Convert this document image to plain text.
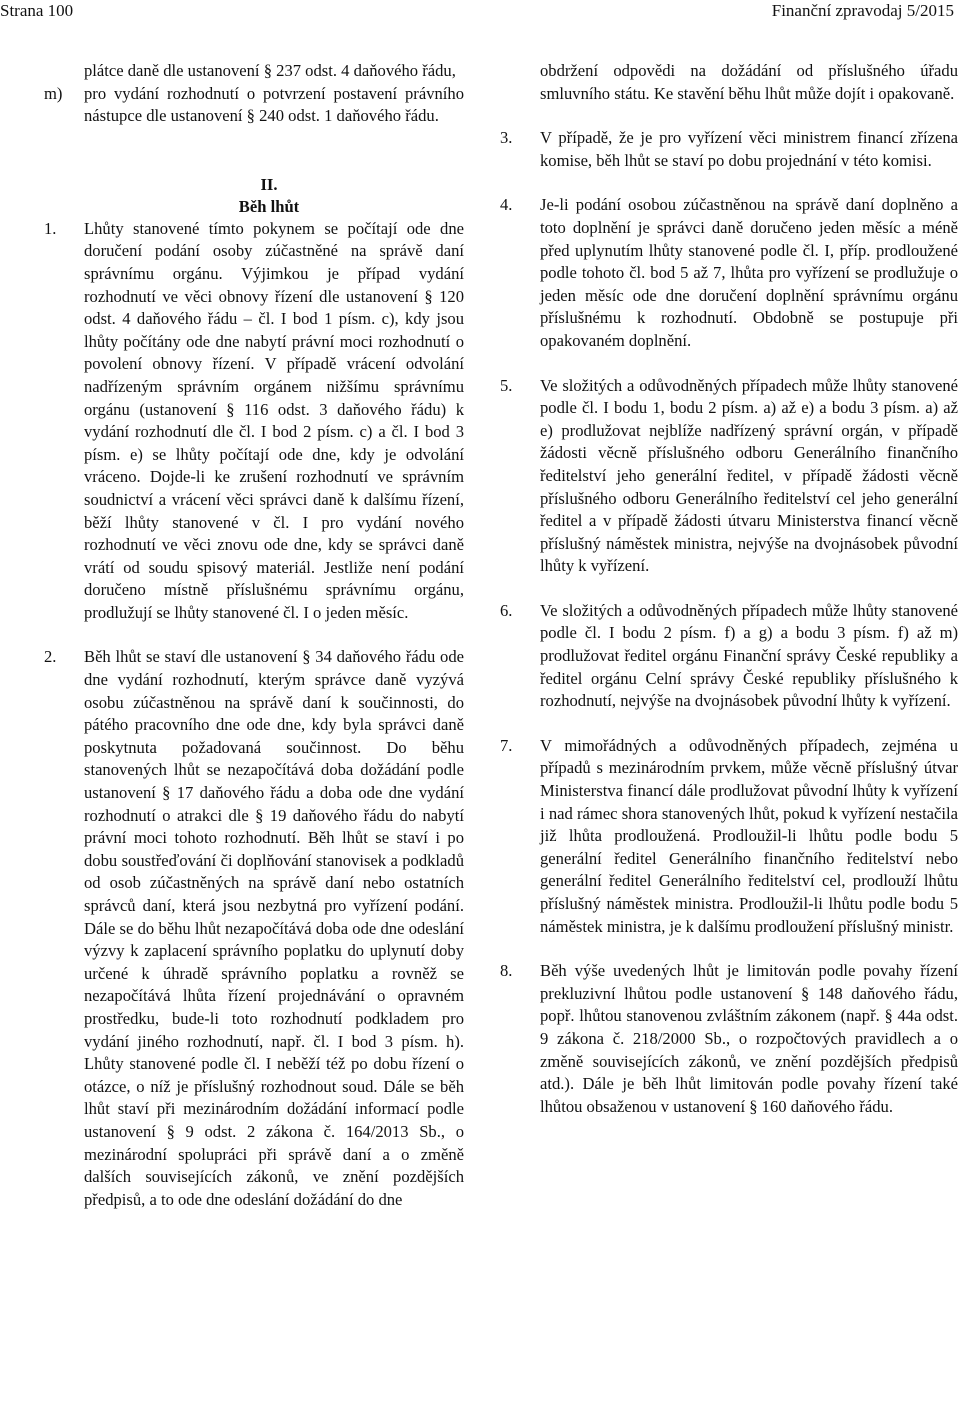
Strana 100	Finanční zpravodaj 5/2015

plátce daně dle ustanovení § 237 odst. 4 daňového řádu,

m) pro vydání rozhodnutí o potvrzení postavení právního nástupce dle ustanovení § 240 odst. 1 daňového řádu.
II.
Běh lhůt
1. Lhůty stanovené tímto pokynem se počítají ode dne doručení podání osoby zúčastněné na správě daní správnímu orgánu. Výjimkou je případ vydání rozhodnutí ve věci obnovy řízení dle ustanovení § 120 odst. 4 daňového řádu – čl. I bod 1 písm. c), kdy jsou lhůty počítány ode dne nabytí právní moci rozhodnutí o povolení obnovy řízení. V případě vrácení odvolání nadřízeným správním orgánem nižšímu správnímu orgánu (ustanovení § 116 odst. 3 daňového řádu) k vydání rozhodnutí dle čl. I bod 2 písm. c) a čl. I bod 3 písm. e) se lhůty počítají ode dne, kdy je odvolání vráceno. Dojde-li ke zrušení rozhodnutí ve správním soudnictví a vrácení věci správci daně k dalšímu řízení, běží lhůty stanovené v čl. I pro vydání nového rozhodnutí ve věci znovu ode dne, kdy se správci daně vrátí od soudu spisový materiál. Jestliže není podání doručeno místně příslušnému správnímu orgánu, prodlužují se lhůty stanovené čl. I o jeden měsíc.
2. Běh lhůt se staví dle ustanovení § 34 daňového řádu ode dne vydání rozhodnutí, kterým správce daně vyzývá osobu zúčastněnou na správě daní k součinnosti, do pátého pracovního dne ode dne, kdy byla správci daně poskytnuta požadovaná součinnost. Do běhu stanovených lhůt se nezapočítává doba dožádání podle ustanovení § 17 daňového řádu a doba ode dne vydání rozhodnutí o atrakci dle § 19 daňového řádu do nabytí právní moci tohoto rozhodnutí. Běh lhůt se staví i po dobu soustřeďování či doplňování stanovisek a podkladů od osob zúčastněných na správě daní nebo ostatních správců daní, která jsou nezbytná pro vyřízení podání. Dále se do běhu lhůt nezapočítává doba ode dne odeslání výzvy k zaplacení správního poplatku do uplynutí doby určené k úhradě správního poplatku a rovněž se nezapočítává lhůta řízení projednávání o opravném prostředku, bude-li toto rozhodnutí podkladem pro vydání jiného rozhodnutí, např. čl. I bod 3 písm. h). Lhůty stanovené podle čl. I neběží též po dobu řízení o otázce, o níž je příslušný rozhodnout soud. Dále se běh lhůt staví při mezinárodním dožádání informací podle ustanovení § 9 odst. 2 zákona č. 164/2013 Sb., o mezinárodní spolupráci při správě daní a o změně dalších souvisejících zákonů, ve znění pozdějších předpisů, a to ode dne odeslání dožádání do dne

obdržení odpovědi na dožádání od příslušného úřadu smluvního státu. Ke stavění běhu lhůt může dojít i opakovaně.

3. V případě, že je pro vyřízení věci ministrem financí zřízena komise, běh lhůt se staví po dobu projednání v této komisi.
4. Je-li podání osobou zúčastněnou na správě daní doplněno a toto doplnění je správci daně doručeno jeden měsíc a méně před uplynutím lhůty stanovené podle čl. I, příp. prodloužené podle tohoto čl. bod 5 až 7, lhůta pro vyřízení se prodlužuje o jeden měsíc ode dne doručení doplnění správnímu orgánu příslušnému k rozhodnutí. Obdobně se postupuje při opakovaném doplnění.
5. Ve složitých a odůvodněných případech může lhůty stanovené podle čl. I bodu 1, bodu 2 písm. a) až e) a bodu 3 písm. a) až e) prodlužovat nejblíže nadřízený správní orgán, v případě žádosti věcně příslušného odboru Generálního finančního ředitelství jeho generální ředitel, v případě žádosti věcně příslušného odboru Generálního ředitelství cel jeho generální ředitel a v případě žádosti útvaru Ministerstva financí věcně příslušný náměstek ministra, nejvýše na dvojnásobek původní lhůty k vyřízení.
6. Ve složitých a odůvodněných případech může lhůty stanovené podle čl. I bodu 2 písm. f) a g) a bodu 3 písm. f) až m) prodlužovat ředitel orgánu Finanční správy České republiky a ředitel orgánu Celní správy České republiky příslušného k rozhodnutí, nejvýše na dvojnásobek původní lhůty k vyřízení.
7. V mimořádných a odůvodněných případech, zejména u případů s mezinárodním prvkem, může věcně příslušný útvar Ministerstva financí dále prodlužovat původní lhůty k vyřízení i nad rámec shora stanovených lhůt, pokud k vyřízení nestačila již lhůta prodloužená. Prodloužil-li lhůtu podle bodu 5 generální ředitel Generálního finančního ředitelství nebo generální ředitel Generálního ředitelství cel, prodlouží lhůtu příslušný náměstek ministra. Prodloužil-li lhůtu podle bodu 5 náměstek ministra, je k dalšímu prodloužení příslušný ministr.
8. Běh výše uvedených lhůt je limitován podle povahy řízení prekluzivní lhůtou podle ustanovení § 148 daňového řádu, popř. lhůtou stanovenou zvláštním zákonem (např. § 44a odst. 9 zákona č. 218/2000 Sb., o rozpočtových pravidlech a o změně souvisejících zákonů, ve znění pozdějších předpisů atd.). Dále je běh lhůt limitován podle povahy řízení také lhůtou obsaženou v ustanovení § 160 daňového řádu.
